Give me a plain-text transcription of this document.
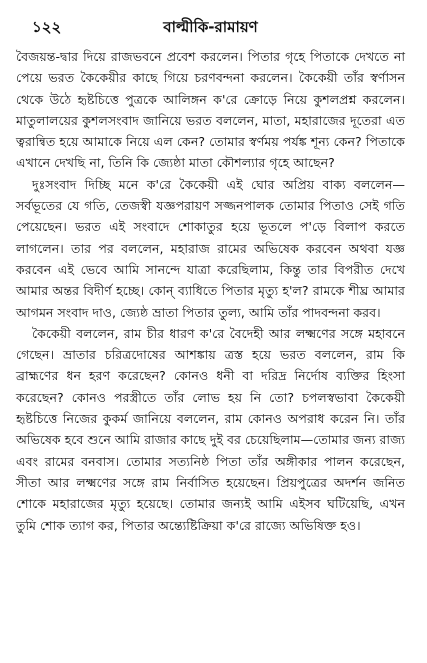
১২২	বাল্মীকি-রামায়ণ

বৈজয়ন্ত-দ্বার দিয়ে রাজভবনে প্রবেশ করলেন। পিতার গৃহে পিতাকে দেখতে না পেয়ে ভরত কৈকেয়ীর কাছে গিয়ে চরণবন্দনা করলেন। কৈকেয়ী তাঁর স্বর্ণাসন থেকে উঠে হৃষ্টচিত্তে পুত্রকে আলিঙ্গন ক'রে ক্রোড়ে নিয়ে কুশলপ্রশ্ন করলেন। মাতুলালয়ের কুশলসংবাদ জানিয়ে ভরত বললেন, মাতা, মহারাজের দূতেরা এত ত্বরান্বিত হয়ে আমাকে নিয়ে এল কেন? তোমার স্বর্ণময় পর্যঙ্ক শূন্য কেন? পিতাকে এখানে দেখছি না, তিনি কি জ্যেষ্ঠা মাতা কৌশল্যার গৃহে আছেন?

দুঃসংবাদ দিচ্ছি মনে ক'রে কৈকেয়ী এই ঘোর অপ্রিয় বাক্য বললেন— সর্বভূতের যে গতি, তেজস্বী যজ্ঞপরায়ণ সজ্জনপালক তোমার পিতাও সেই গতি পেয়েছেন। ভরত এই সংবাদে শোকাতুর হয়ে ভূতলে প'ড়ে বিলাপ করতে লাগলেন। তার পর বললেন, মহারাজ রামের অভিষেক করবেন অথবা যজ্ঞ করবেন এই ভেবে আমি সানন্দে যাত্রা করেছিলাম, কিন্তু তার বিপরীত দেখে আমার অন্তর বিদীর্ণ হচ্ছে। কোন্ ব্যাধিতে পিতার মৃত্যু হ'ল? রামকে শীঘ্র আমার আগমন সংবাদ দাও, জ্যেষ্ঠ ভ্রাতা পিতার তুল্য, আমি তাঁর পাদবন্দনা করব।

কৈকেয়ী বললেন, রাম চীর ধারণ ক'রে বৈদেহী আর লক্ষ্মণের সঙ্গে মহাবনে গেছেন। ভ্রাতার চরিত্রদোষের আশঙ্কায় ত্রস্ত হয়ে ভরত বললেন, রাম কি ব্রাহ্মণের ধন হরণ করেছেন? কোনও ধনী বা দরিদ্র নির্দোষ ব্যক্তির হিংসা করেছেন? কোনও পরস্ত্রীতে তাঁর লোভ হয় নি তো? চপলস্বভাবা কৈকেয়ী হৃষ্টচিত্তে নিজের কুকর্ম জানিয়ে বললেন, রাম কোনও অপরাধ করেন নি। তাঁর অভিষেক হবে শুনে আমি রাজার কাছে দুই বর চেয়েছিলাম—তোমার জন্য রাজ্য এবং রামের বনবাস। তোমার সত্যনিষ্ঠ পিতা তাঁর অঙ্গীকার পালন করেছেন, সীতা আর লক্ষ্মণের সঙ্গে রাম নির্বাসিত হয়েছেন। প্রিয়পুত্রের অদর্শন জনিত শোকে মহারাজের মৃত্যু হয়েছে। তোমার জন্যই আমি এইসব ঘটিয়েছি, এখন তুমি শোক ত্যাগ কর, পিতার অন্ত্যেষ্টিক্রিয়া ক'রে রাজ্যে অভিষিক্ত হও।
